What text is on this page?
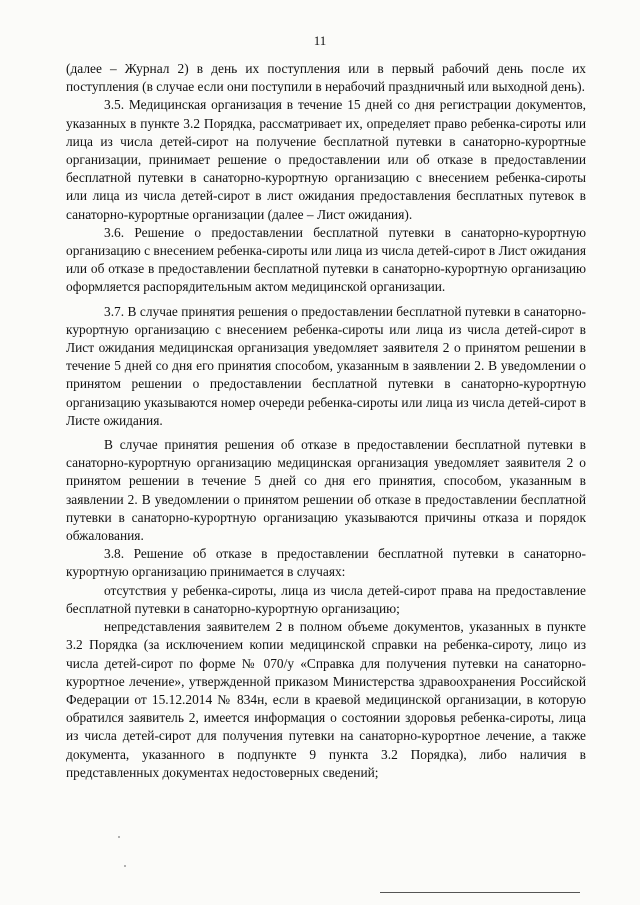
11

(далее – Журнал 2) в день их поступления или в первый рабочий день после их поступления (в случае если они поступили в нерабочий праздничный или выходной день).

3.5. Медицинская организация в течение 15 дней со дня регистрации документов, указанных в пункте 3.2 Порядка, рассматривает их, определяет право ребенка-сироты или лица из числа детей-сирот на получение бесплатной путевки в санаторно-курортные организации, принимает решение о предоставлении или об отказе в предоставлении бесплатной путевки в санаторно-курортную организацию с внесением ребенка-сироты или лица из числа детей-сирот в лист ожидания предоставления бесплатных путевок в санаторно-курортные организации (далее – Лист ожидания).

3.6. Решение о предоставлении бесплатной путевки в санаторно-курортную организацию с внесением ребенка-сироты или лица из числа детей-сирот в Лист ожидания или об отказе в предоставлении бесплатной путевки в санаторно-курортную организацию оформляется распорядительным актом медицинской организации.

3.7. В случае принятия решения о предоставлении бесплатной путевки в санаторно-курортную организацию с внесением ребенка-сироты или лица из числа детей-сирот в Лист ожидания медицинская организация уведомляет заявителя 2 о принятом решении в течение 5 дней со дня его принятия способом, указанным в заявлении 2. В уведомлении о принятом решении о предоставлении бесплатной путевки в санаторно-курортную организацию указываются номер очереди ребенка-сироты или лица из числа детей-сирот в Листе ожидания.

В случае принятия решения об отказе в предоставлении бесплатной путевки в санаторно-курортную организацию медицинская организация уведомляет заявителя 2 о принятом решении в течение 5 дней со дня его принятия, способом, указанным в заявлении 2. В уведомлении о принятом решении об отказе в предоставлении бесплатной путевки в санаторно-курортную организацию указываются причины отказа и порядок обжалования.

3.8. Решение об отказе в предоставлении бесплатной путевки в санаторно-курортную организацию принимается в случаях:

отсутствия у ребенка-сироты, лица из числа детей-сирот права на предоставление бесплатной путевки в санаторно-курортную организацию;

непредставления заявителем 2 в полном объеме документов, указанных в пункте 3.2 Порядка (за исключением копии медицинской справки на ребенка-сироту, лицо из числа детей-сирот по форме № 070/у «Справка для получения путевки на санаторно-курортное лечение», утвержденной приказом Министерства здравоохранения Российской Федерации от 15.12.2014 № 834н, если в краевой медицинской организации, в которую обратился заявитель 2, имеется информация о состоянии здоровья ребенка-сироты, лица из числа детей-сирот для получения путевки на санаторно-курортное лечение, а также документа, указанного в подпункте 9 пункта 3.2 Порядка), либо наличия в представленных документах недостоверных сведений;
